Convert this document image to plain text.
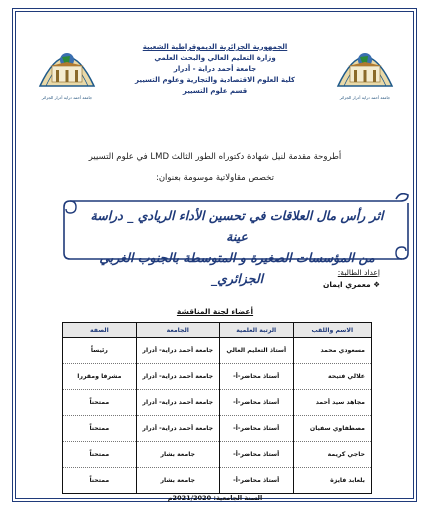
جامعة أحمد دراية أدرار الجزائر	جامعة أحمد دراية أدرار الجزائر
الجمهورية الجزائرية الديموقراطية الشعبية
وزارة التعليم العالي والبحث العلمي
جامعة أحمد دراية - أدرار
كلية العلوم الاقتصادية والتجارية وعلوم التسيير
قسم علوم التسيير
أطروحة مقدمة لنيل شهادة دكتوراه الطور الثالث LMD في علوم التسيير
تخصص مقاولاتية موسومة بعنوان:
اثر رأس مال العلاقات في تحسين الأداء الريادي _ دراسة عينة
من المؤسسات الصغيرة و المتوسطة بالجنوب الغربي الجزائري_	إعداد الطالبة:
❖ معمري ايمان
أعضاء لجنة المناقشة
الاسم واللقب	الرتبة العلمية	الجامعة	الصفة
مسعودي محمد	أستاذ التعليم العالي	جامعة أحمد دراية- أدرار	رئيساً
علالي فتيحة	أستاذ محاضر-أ-	جامعة أحمد دراية- أدرار	مشرفا ومقررا
مجاهد سيد أحمد	أستاذ محاضر-أ-	جامعة أحمد دراية- أدرار	ممتحناً
مصطفاوي سفيان	أستاذ محاضر-أ-	جامعة أحمد دراية- أدرار	ممتحناً
حاجي كريمة	أستاذ محاضر-أ-	جامعة بشار	ممتحناً
بلعابد فايزة	أستاذ محاضر-أ-	جامعة بشار	ممتحناً
السنة الجامعية: 2021/2020م
